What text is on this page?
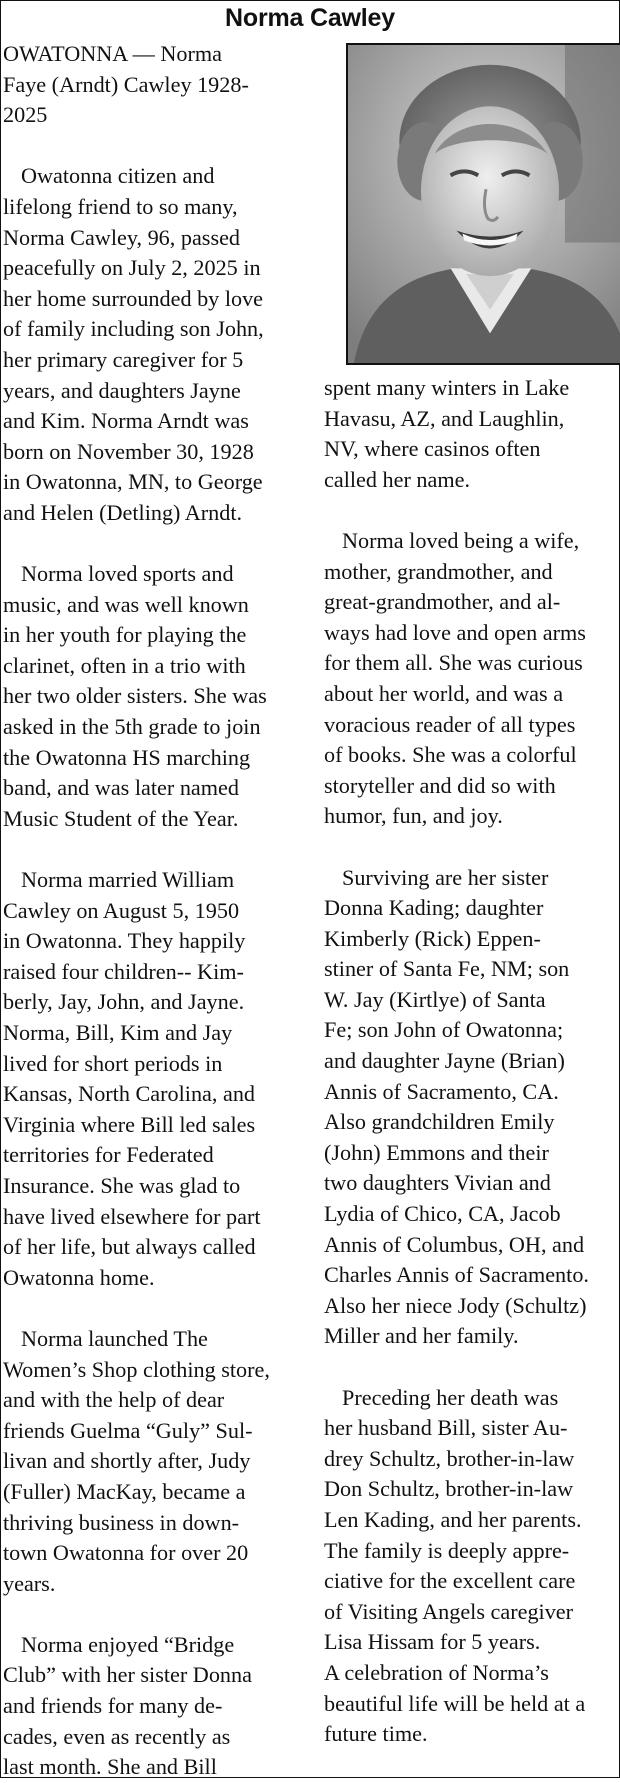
Norma Cawley

OWATONNA — Norma
Faye (Arndt) Cawley 1928-
2025

Owatonna citizen and
lifelong friend to so many,
Norma Cawley, 96, passed
peacefully on July 2, 2025 in
her home surrounded by love
of family including son John,
her primary caregiver for 5
years, and daughters Jayne
and Kim. Norma Arndt was
born on November 30, 1928
in Owatonna, MN, to George
and Helen (Detling) Arndt.

Norma loved sports and
music, and was well known
in her youth for playing the
clarinet, often in a trio with
her two older sisters. She was
asked in the 5th grade to join
the Owatonna HS marching
band, and was later named
Music Student of the Year.

Norma married William
Cawley on August 5, 1950
in Owatonna. They happily
raised four children-- Kim-
berly, Jay, John, and Jayne.
Norma, Bill, Kim and Jay
lived for short periods in
Kansas, North Carolina, and
Virginia where Bill led sales
territories for Federated
Insurance. She was glad to
have lived elsewhere for part
of her life, but always called
Owatonna home.

Norma launched The
Women’s Shop clothing store,
and with the help of dear
friends Guelma “Guly” Sul-
livan and shortly after, Judy
(Fuller) MacKay, became a
thriving business in down-
town Owatonna for over 20
years.

Norma enjoyed “Bridge
Club” with her sister Donna
and friends for many de-
cades, even as recently as
last month. She and Bill

spent many winters in Lake
Havasu, AZ, and Laughlin,
NV, where casinos often
called her name.

Norma loved being a wife,
mother, grandmother, and
great-grandmother, and al-
ways had love and open arms
for them all. She was curious
about her world, and was a
voracious reader of all types
of books. She was a colorful
storyteller and did so with
humor, fun, and joy.

Surviving are her sister
Donna Kading; daughter
Kimberly (Rick) Eppen-
stiner of Santa Fe, NM; son
W. Jay (Kirtlye) of Santa
Fe; son John of Owatonna;
and daughter Jayne (Brian)
Annis of Sacramento, CA.
Also grandchildren Emily
(John) Emmons and their
two daughters Vivian and
Lydia of Chico, CA, Jacob
Annis of Columbus, OH, and
Charles Annis of Sacramento.
Also her niece Jody (Schultz)
Miller and her family.

Preceding her death was
her husband Bill, sister Au-
drey Schultz, brother-in-law
Don Schultz, brother-in-law
Len Kading, and her parents.
The family is deeply appre-
ciative for the excellent care
of Visiting Angels caregiver
Lisa Hissam for 5 years.
A celebration of Norma’s
beautiful life will be held at a
future time.
